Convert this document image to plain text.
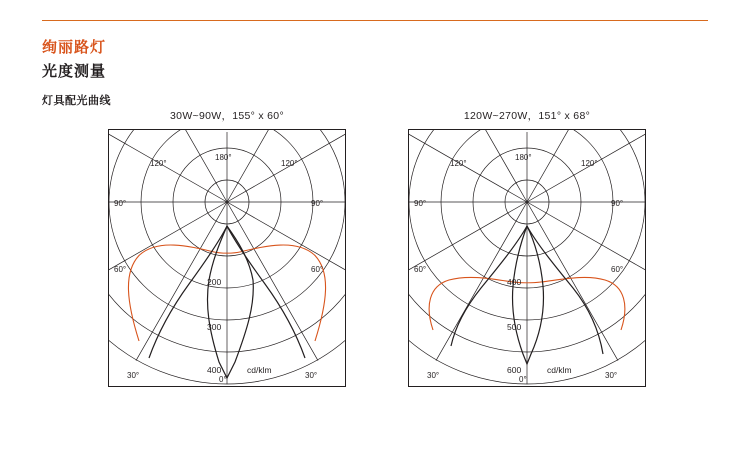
绚丽路灯
光度测量
灯具配光曲线
30W~90W，155° x 60°
120°
180°
120°
90°	90°
60°	60°
30°	0°	30°
200
300
400	cd/klm
120W~270W，151° x 68°
120°
180°
120°
90°	90°
60°	60°
30°	0°	30°
400
500
600	cd/klm
